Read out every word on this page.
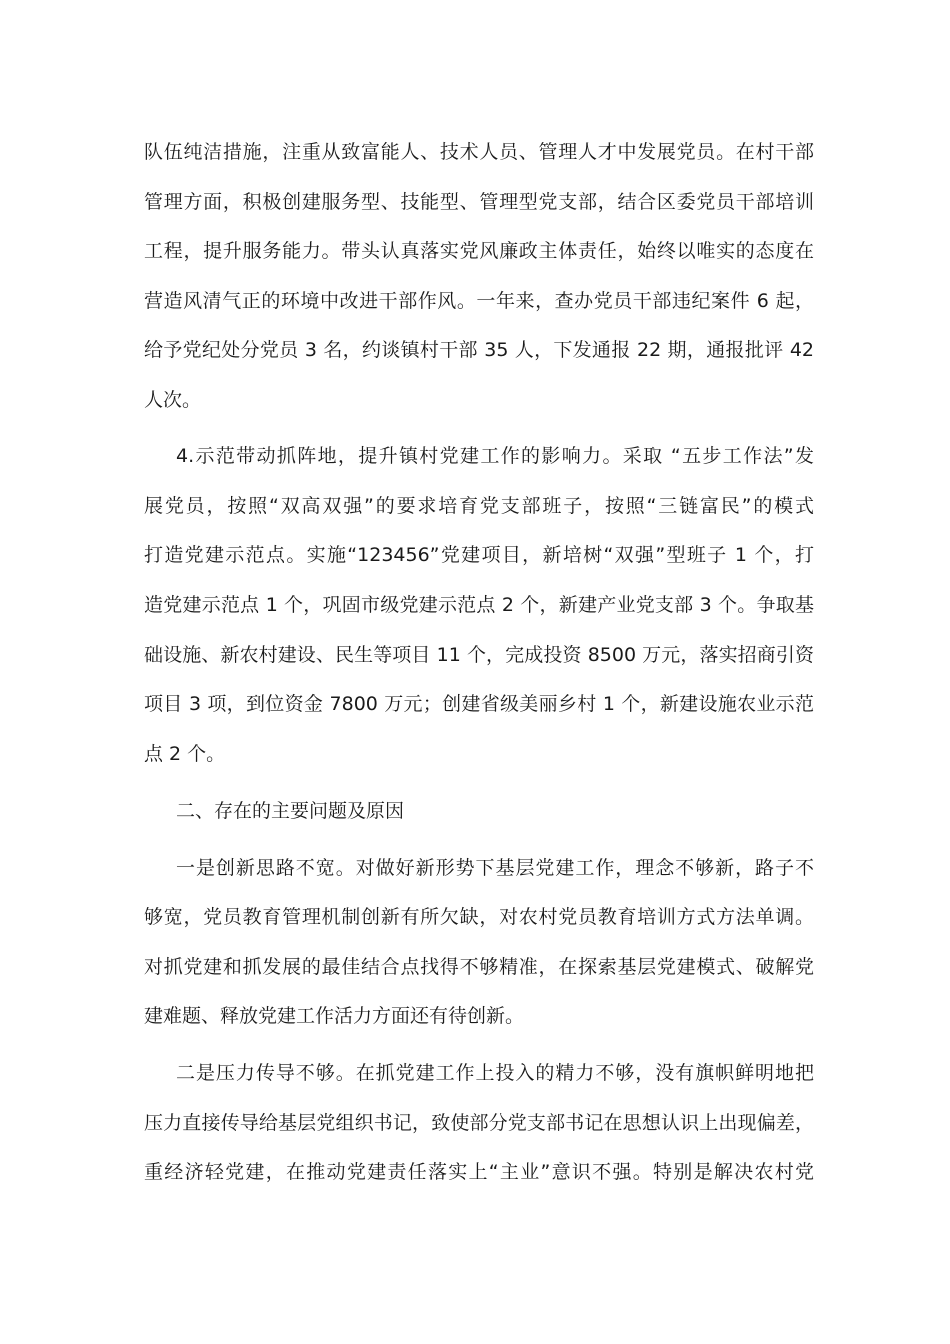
队伍纯洁措施，注重从致富能人、技术人员、管理人才中发展党员。在村干部
管理方面，积极创建服务型、技能型、管理型党支部，结合区委党员干部培训
工程，提升服务能力。带头认真落实党风廉政主体责任，始终以唯实的态度在
营造风清气正的环境中改进干部作风。一年来，查办党员干部违纪案件 6 起，
给予党纪处分党员 3 名，约谈镇村干部 35 人，下发通报 22 期，通报批评 42
人次。
4.示范带动抓阵地，提升镇村党建工作的影响力。采取 “五步工作法”发
展党员，按照“双高双强”的要求培育党支部班子，按照“三链富民”的模式
打造党建示范点。实施“123456”党建项目，新培树“双强”型班子 1 个，打
造党建示范点 1 个，巩固市级党建示范点 2 个，新建产业党支部 3 个。争取基
础设施、新农村建设、民生等项目 11 个，完成投资 8500 万元，落实招商引资
项目 3 项，到位资金 7800 万元；创建省级美丽乡村 1 个，新建设施农业示范
点 2 个。
二、存在的主要问题及原因
一是创新思路不宽。对做好新形势下基层党建工作，理念不够新，路子不
够宽，党员教育管理机制创新有所欠缺，对农村党员教育培训方式方法单调。
对抓党建和抓发展的最佳结合点找得不够精准，在探索基层党建模式、破解党
建难题、释放党建工作活力方面还有待创新。
二是压力传导不够。在抓党建工作上投入的精力不够，没有旗帜鲜明地把
压力直接传导给基层党组织书记，致使部分党支部书记在思想认识上出现偏差，
重经济轻党建，在推动党建责任落实上“主业”意识不强。特别是解决农村党
